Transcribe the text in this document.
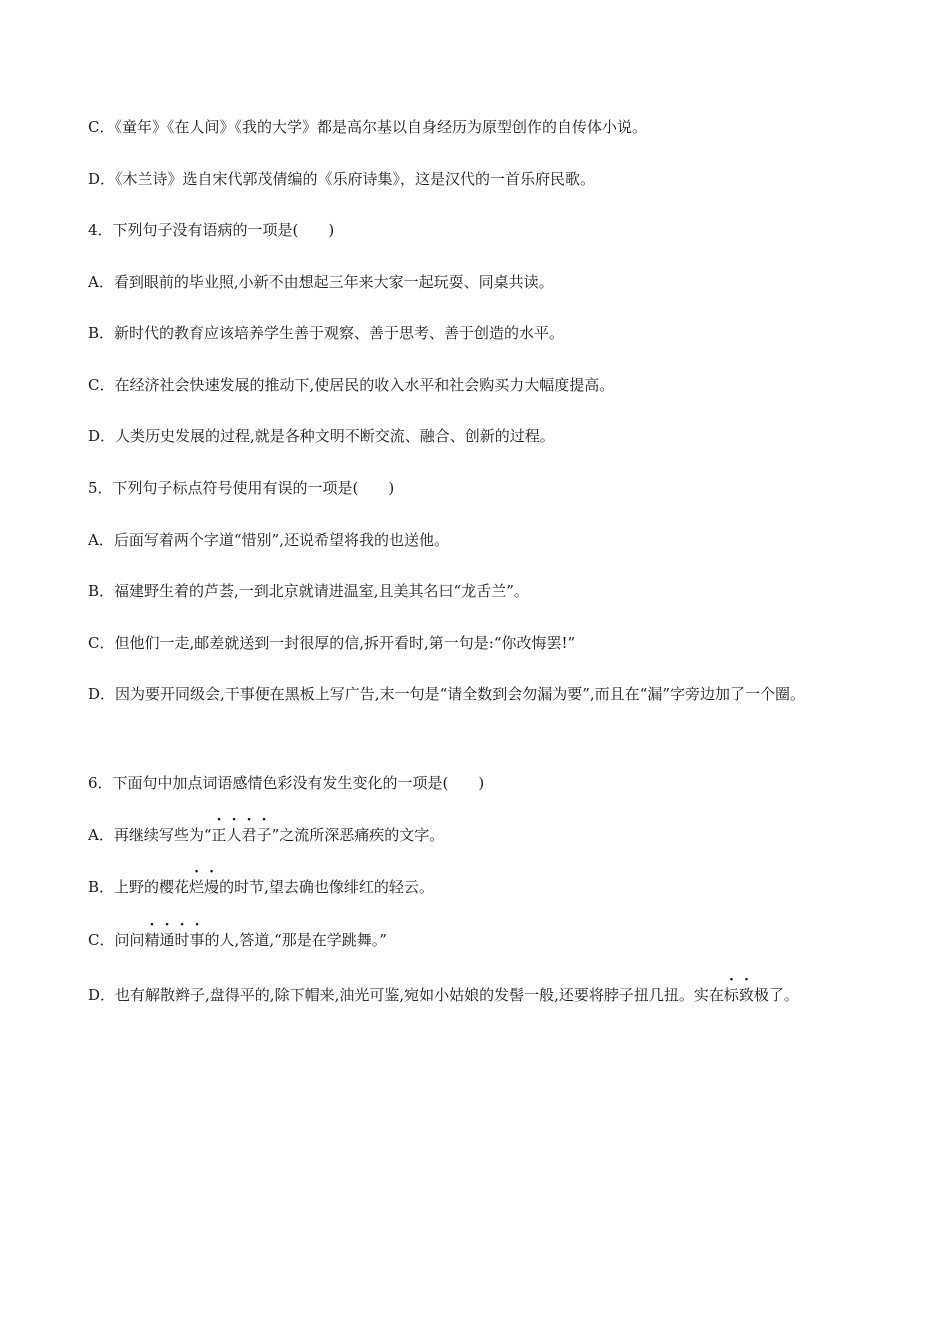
C．《童年》《在人间》《我的大学》都是高尔基以自身经历为原型创作的自传体小说。
D．《木兰诗》选自宋代郭茂倩编的《乐府诗集》，这是汉代的一首乐府民歌。
4．下列句子没有语病的一项是(　　)
A．看到眼前的毕业照,小新不由想起三年来大家一起玩耍、同桌共读。
B．新时代的教育应该培养学生善于观察、善于思考、善于创造的水平。
C．在经济社会快速发展的推动下,使居民的收入水平和社会购买力大幅度提高。
D．人类历史发展的过程,就是各种文明不断交流、融合、创新的过程。
5．下列句子标点符号使用有误的一项是(　　)
A．后面写着两个字道“惜别”,还说希望将我的也送他。
B．福建野生着的芦荟,一到北京就请进温室,且美其名曰“龙舌兰”。
C．但他们一走,邮差就送到一封很厚的信,拆开看时,第一句是:“你改悔罢!”
D．因为要开同级会,干事便在黑板上写广告,末一句是“请全数到会勿漏为要”,而且在“漏”字旁边加了一个圈。
6．下面句中加点词语感情色彩没有发生变化的一项是(　　)
A．再继续写些为“正人君子”之流所深恶痛疾的文字。
B．上野的樱花烂熳的时节,望去确也像绯红的轻云。
C．问问精通时事的人,答道,“那是在学跳舞。”
D．也有解散辫子,盘得平的,除下帽来,油光可鉴,宛如小姑娘的发髻一般,还要将脖子扭几扭。实在标致极了。
